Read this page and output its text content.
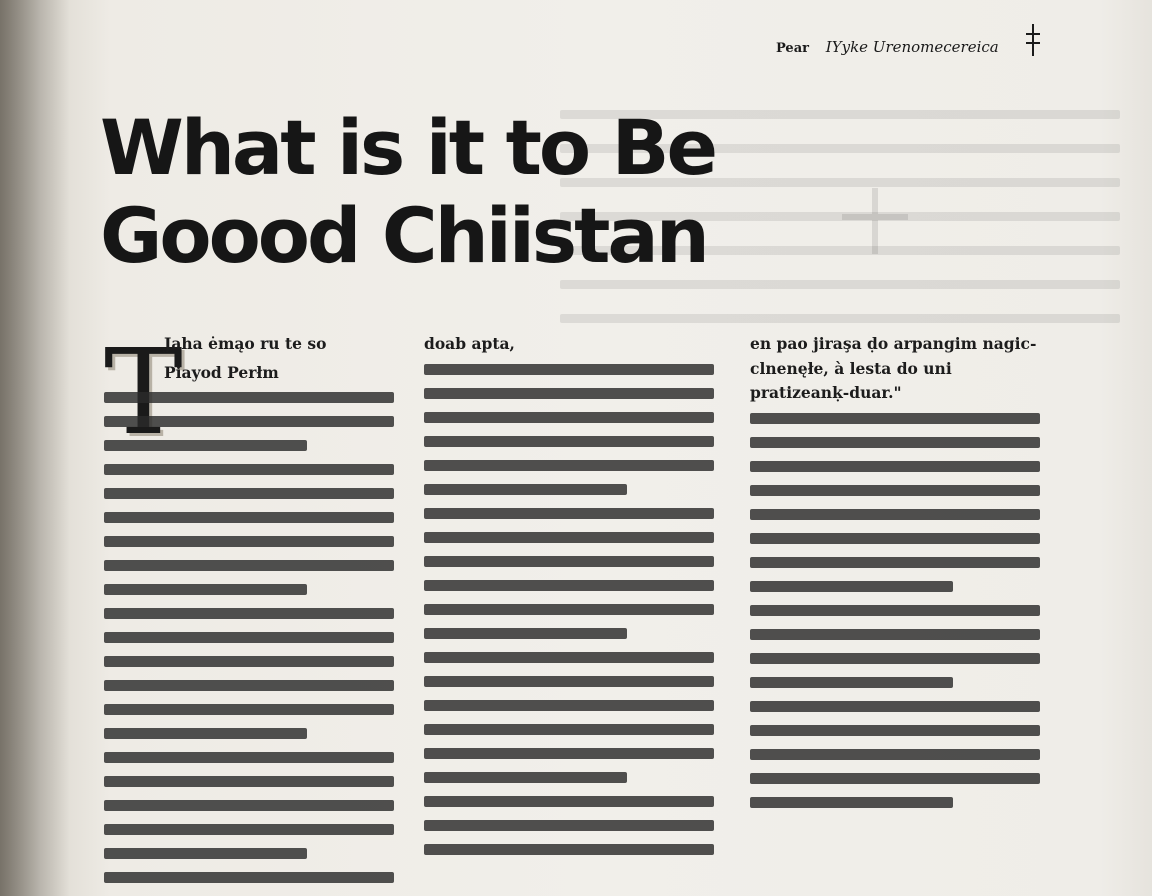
Pear IYyke Urenomecereica
What is it to Be
Goood Chiistan

Jaha ėmąo ru te so

Piayod Perłm

doab apta,	en pao jiraşa ḍo arpangim nagic-clnenęłe, à lesta do uni pratizeanḳ-duar."
